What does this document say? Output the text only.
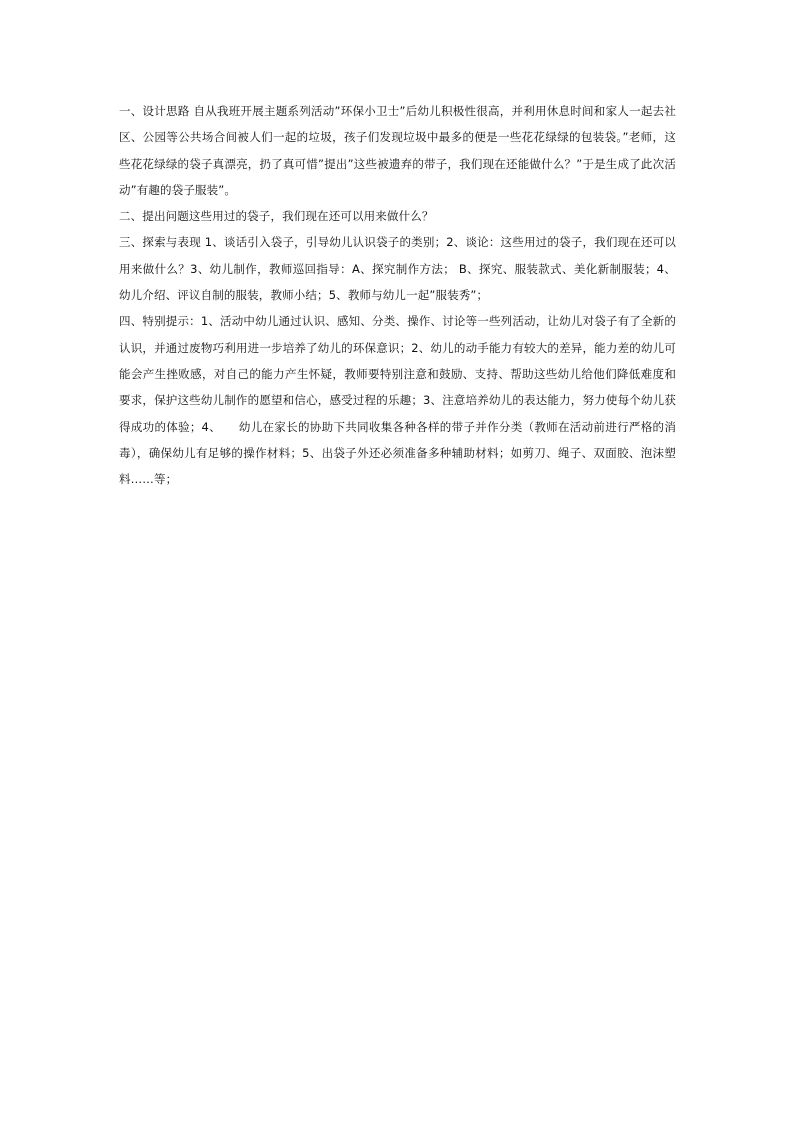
一、设计思路 自从我班开展主题系列活动”环保小卫士”后幼儿积极性很高，并利用休息时间和家人一起去社区、公园等公共场合间被人们一起的垃圾，孩子们发现垃圾中最多的便是一些花花绿绿的包装袋。”老师，这些花花绿绿的袋子真漂亮，扔了真可惜”提出”这些被遗弃的带子，我们现在还能做什么？”于是生成了此次活动”有趣的袋子服装”。

二、提出问题这些用过的袋子，我们现在还可以用来做什么？

三、探索与表现 1、谈话引入袋子，引导幼儿认识袋子的类别；2、谈论：这些用过的袋子，我们现在还可以用来做什么？3、幼儿制作，教师巡回指导：A、探究制作方法； B、探究、服装款式、美化新制服装；4、幼儿介绍、评议自制的服装，教师小结；5、教师与幼儿一起”服装秀”；

四、特别提示：1、活动中幼儿通过认识、感知、分类、操作、讨论等一些列活动，让幼儿对袋子有了全新的认识，并通过废物巧利用进一步培养了幼儿的环保意识；2、幼儿的动手能力有较大的差异，能力差的幼儿可能会产生挫败感，对自己的能力产生怀疑，教师要特别注意和鼓励、支持、帮助这些幼儿给他们降低难度和要求，保护这些幼儿制作的愿望和信心，感受过程的乐趣；3、注意培养幼儿的表达能力，努力使每个幼儿获得成功的体验；4、　　幼儿在家长的协助下共同收集各种各样的带子并作分类（教师在活动前进行严格的消毒），确保幼儿有足够的操作材料；5、出袋子外还必须准备多种辅助材料；如剪刀、绳子、双面胶、泡沫塑料……等；
